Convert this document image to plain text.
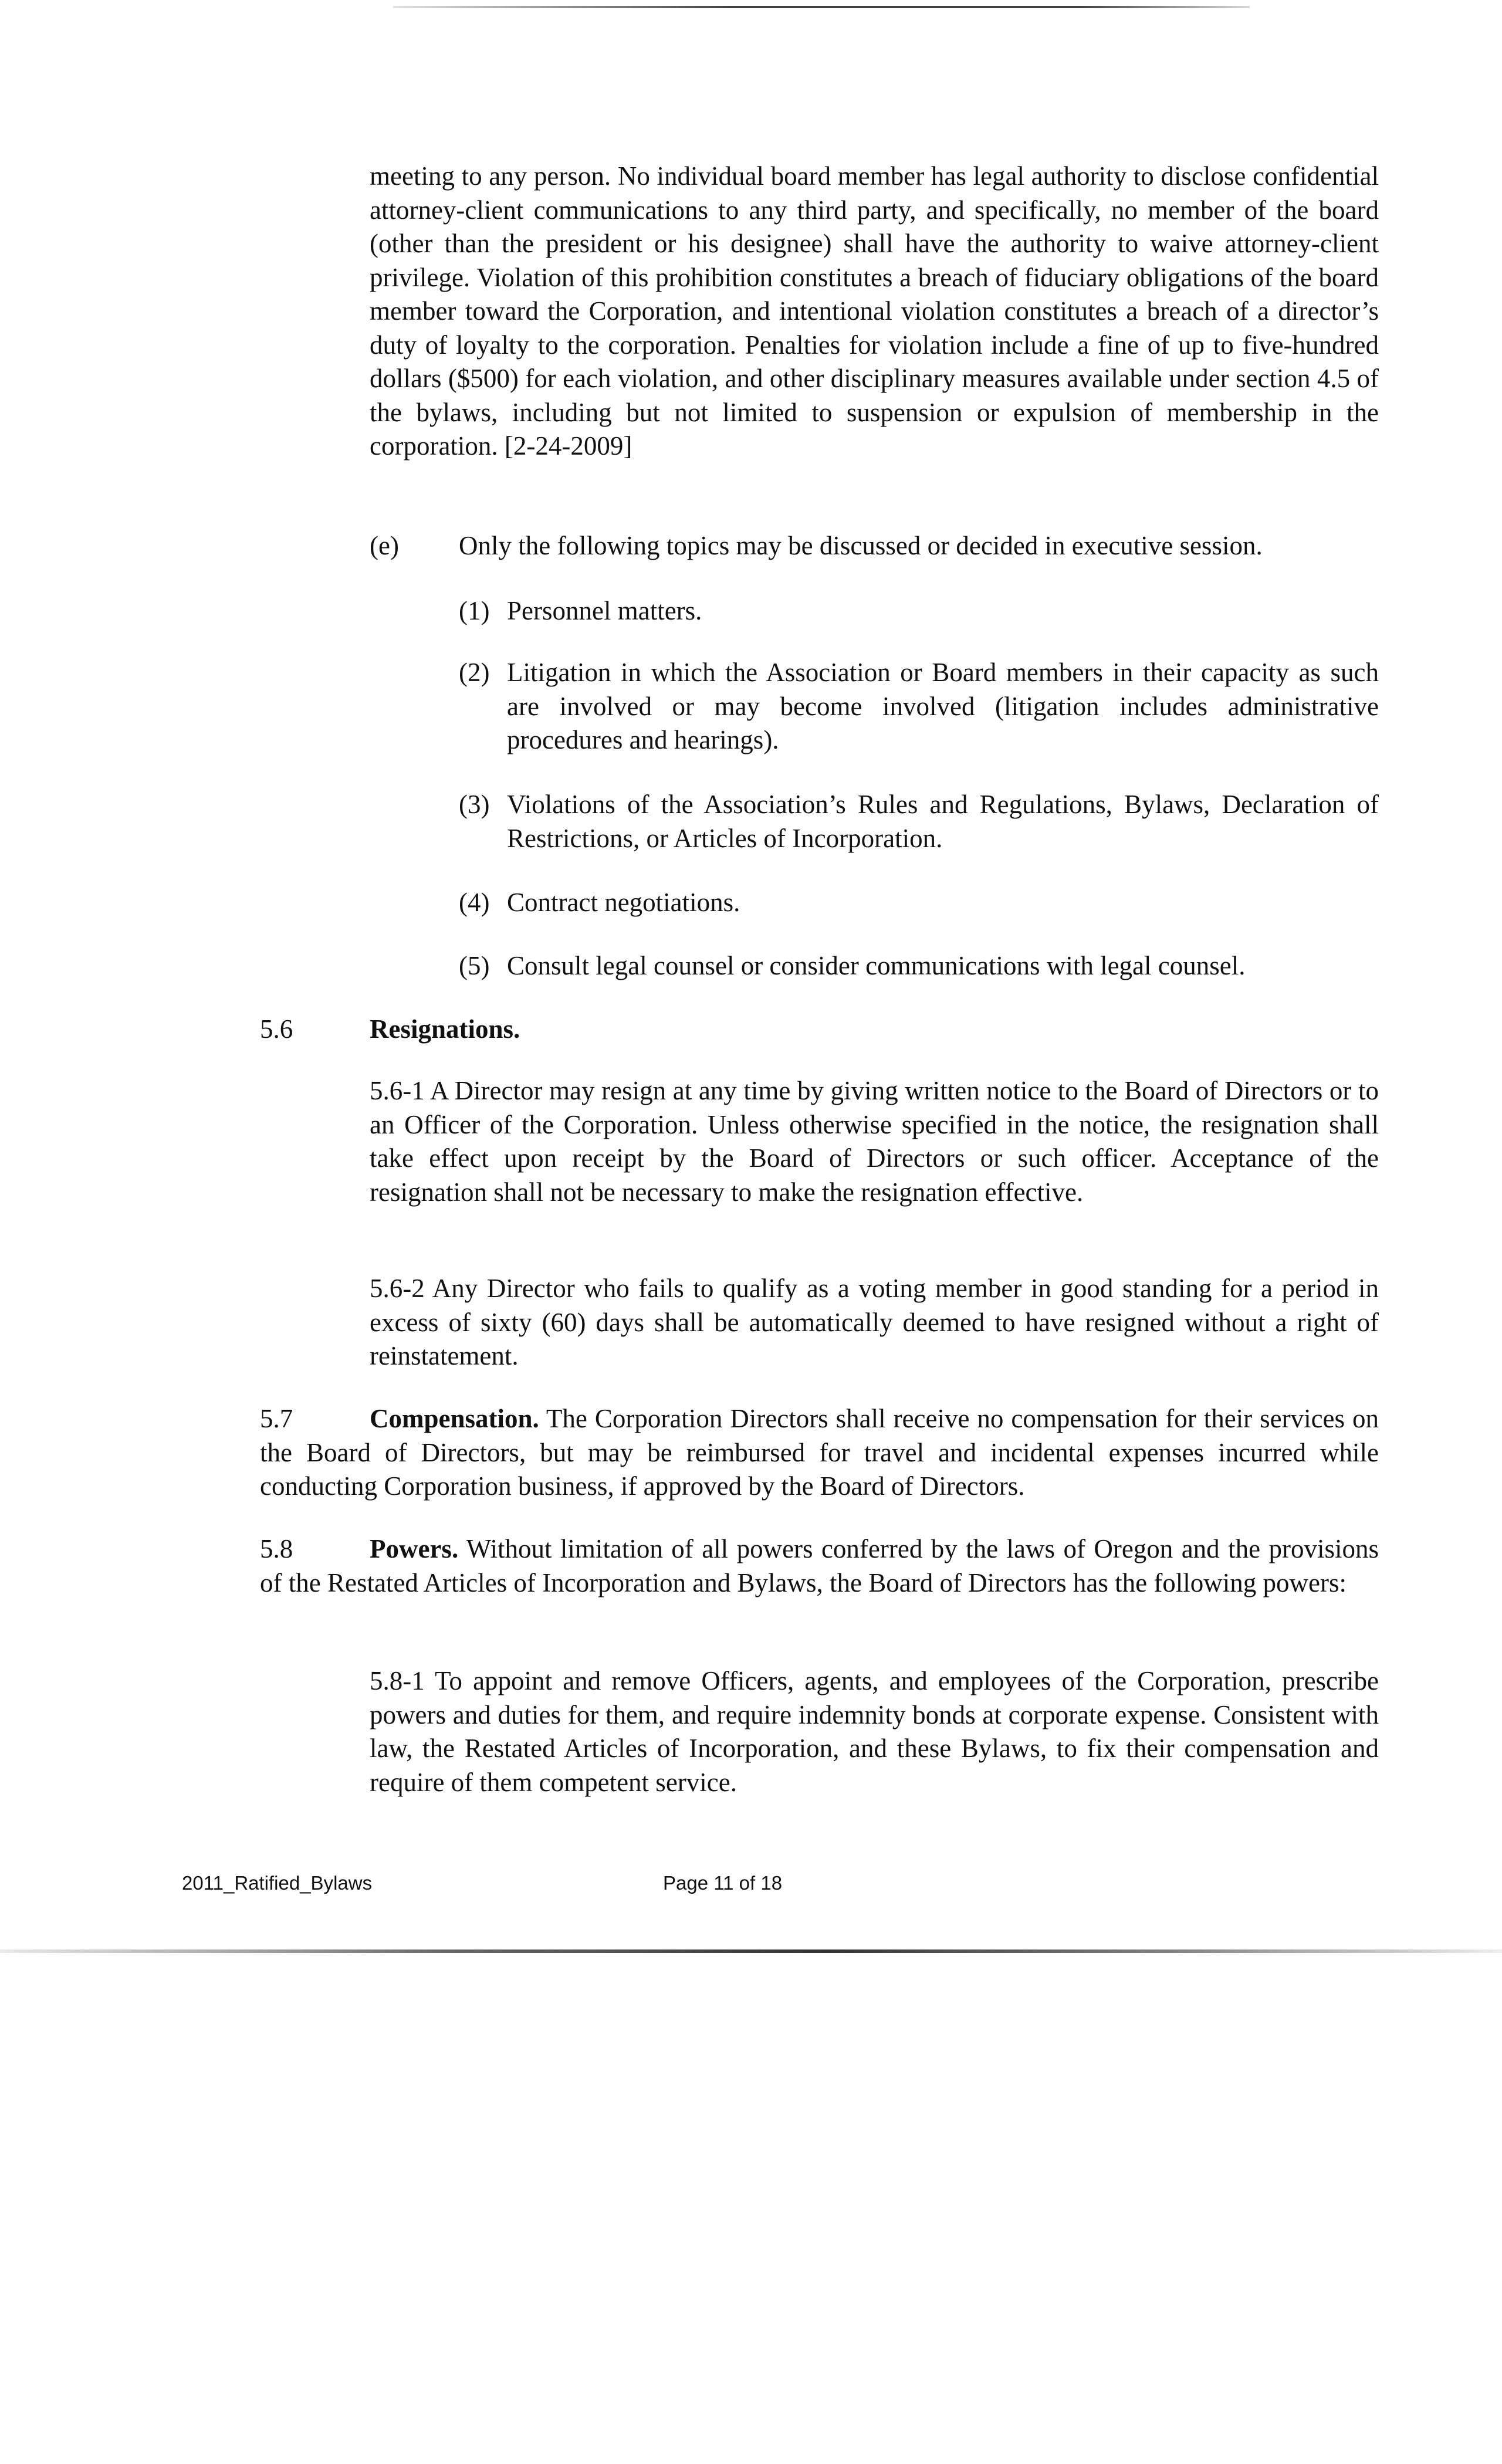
meeting to any person. No individual board member has legal authority to disclose confidential attorney-client communications to any third party, and specifically, no member of the board (other than the president or his designee) shall have the authority to waive attorney-client privilege. Violation of this prohibition constitutes a breach of fiduciary obligations of the board member toward the Corporation, and intentional violation constitutes a breach of a director’s duty of loyalty to the corporation. Penalties for violation include a fine of up to five-hundred dollars ($500) for each violation, and other disciplinary measures available under section 4.5 of the bylaws, including but not limited to suspension or expulsion of membership in the corporation. [2-24-2009]

(e) Only the following topics may be discussed or decided in executive session.

(1) Personnel matters.

(2) Litigation in which the Association or Board members in their capacity as such are involved or may become involved (litigation includes administrative procedures and hearings).

(3) Violations of the Association’s Rules and Regulations, Bylaws, Declaration of Restrictions, or Articles of Incorporation.

(4) Contract negotiations.

(5) Consult legal counsel or consider communications with legal counsel.

5.6	Resignations.

5.6-1 A Director may resign at any time by giving written notice to the Board of Directors or to an Officer of the Corporation. Unless otherwise specified in the notice, the resignation shall take effect upon receipt by the Board of Directors or such officer. Acceptance of the resignation shall not be necessary to make the resignation effective.

5.6-2 Any Director who fails to qualify as a voting member in good standing for a period in excess of sixty (60) days shall be automatically deemed to have resigned without a right of reinstatement.

5.7	Compensation. The Corporation Directors shall receive no compensation for their services on the Board of Directors, but may be reimbursed for travel and incidental expenses incurred while conducting Corporation business, if approved by the Board of Directors.

5.8	Powers. Without limitation of all powers conferred by the laws of Oregon and the provisions of the Restated Articles of Incorporation and Bylaws, the Board of Directors has the following powers:

5.8-1 To appoint and remove Officers, agents, and employees of the Corporation, prescribe powers and duties for them, and require indemnity bonds at corporate expense. Consistent with law, the Restated Articles of Incorporation, and these Bylaws, to fix their compensation and require of them competent service.

2011_Ratified_Bylaws	Page 11 of 18
